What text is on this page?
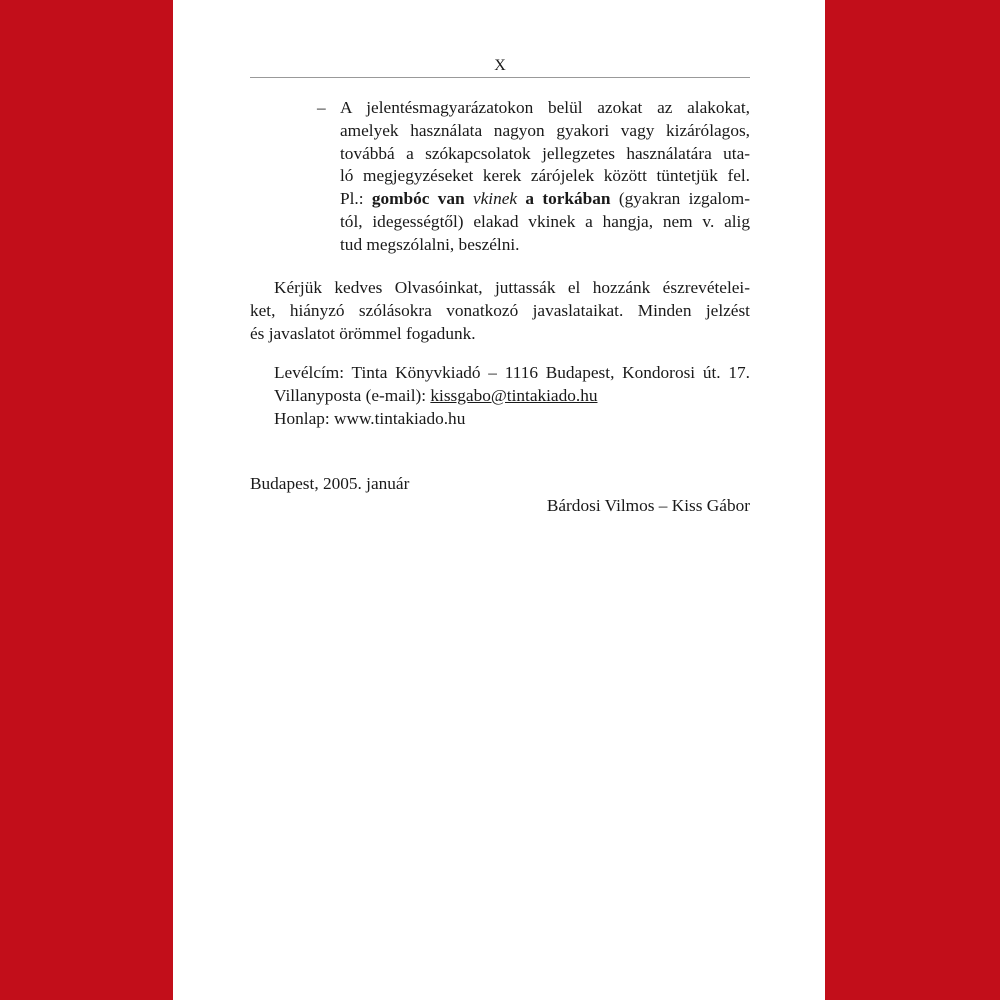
X
– A jelentésmagyarázatokon belül azokat az alakokat,
amelyek használata nagyon gyakori vagy kizárólagos,
továbbá a szókapcsolatok jellegzetes használatára uta-
ló megjegyzéseket kerek zárójelek között tüntetjük fel.
Pl.: gombóc van vkinek a torkában (gyakran izgalom-
tól, idegességtől) elakad vkinek a hangja, nem v. alig
tud megszólalni, beszélni.
Kérjük kedves Olvasóinkat, juttassák el hozzánk észrevételei-
ket, hiányzó szólásokra vonatkozó javaslataikat. Minden jelzést
és javaslatot örömmel fogadunk.
Levélcím: Tinta Könyvkiadó – 1116 Budapest, Kondorosi út. 17.
Villanyposta (e-mail): kissgabo@tintakiado.hu
Honlap: www.tintakiado.hu
Budapest, 2005. január
Bárdosi Vilmos – Kiss Gábor
